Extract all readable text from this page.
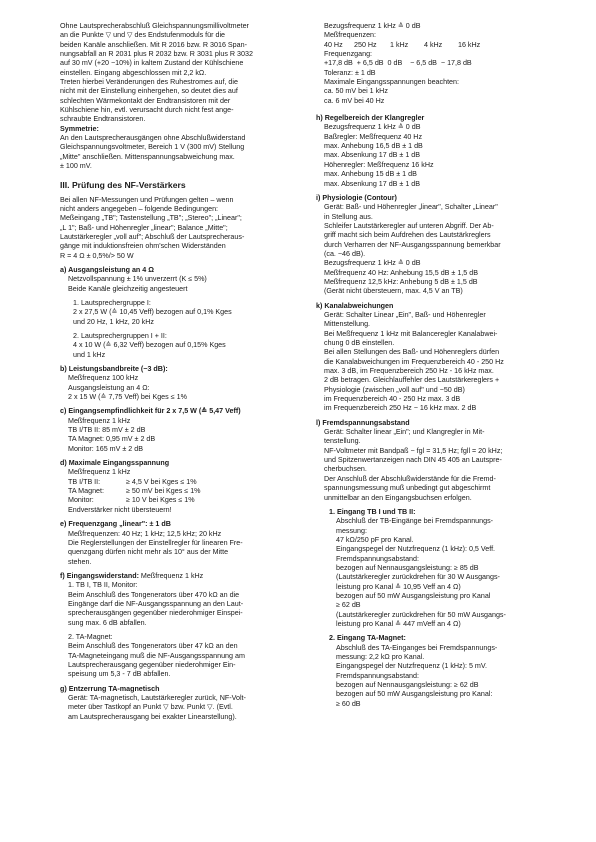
Ohne Lautsprecherabschluß Gleichspannungsmillivoltmeter

an die Punkte ▽ und ▽ des Endstufenmoduls für die

beiden Kanäle anschließen. Mit R 2016 bzw. R 3016 Span-

nungsabfall an R 2031 plus R 2032 bzw. R 3031 plus R 3032

auf 30 mV (+20 −10%) in kaltem Zustand der Kühlschiene

einstellen. Eingang abgeschlossen mit 2,2 kΩ.

Treten hierbei Veränderungen des Ruhestromes auf, die

nicht mit der Einstellung einhergehen, so deutet dies auf

schlechten Wärmekontakt der Endtransistoren mit der

Kühlschiene hin, evtl. verursacht durch nicht fest ange-

schraubte Endtransistoren.

Symmetrie:

An den Lautsprecherausgängen ohne Abschlußwiderstand

Gleichspannungsvoltmeter, Bereich 1 V (300 mV) Stellung

„Mitte" anschließen. Mittenspannungsabweichung max.

± 100 mV.

III. Prüfung des NF-Verstärkers

Bei allen NF-Messungen und Prüfungen gelten – wenn

nicht anders angegeben – folgende Bedingungen:

Meßeingang „TB"; Tastenstellung „TB"; „Stereo"; „Linear";

„L 1"; Baß- und Höhenregler „linear"; Balance „Mitte";

Lautstärkeregler „voll auf"; Abschluß der Lautsprecheraus-

gänge mit induktionsfreien ohm'schen Widerständen

R = 4 Ω ± 0,5%/> 50 W

a) Ausgangsleistung an 4 Ω

Netzvollspannung ± 1% unverzerrt (K ≤ 5%)

Beide Kanäle gleichzeitig angesteuert

1. Lautsprechergruppe I:

2 x 27,5 W (≙ 10,45 Veff) bezogen auf 0,1% Kges

und 20 Hz, 1 kHz, 20 kHz

2. Lautsprechergruppen I + II:

4 x 10 W (≙ 6,32 Veff) bezogen auf 0,15% Kges

und 1 kHz

b) Leistungsbandbreite (−3 dB):

Meßfrequenz 100 kHz

Ausgangsleistung an 4 Ω:

2 x 15 W (≙ 7,75 Veff) bei Kges ≤ 1%

c) Eingangsempfindlichkeit für 2 x 7,5 W (≙ 5,47 Veff)

Meßfrequenz 1 kHz

TB I/TB II: 85 mV ± 2 dB

TA Magnet: 0,95 mV ± 2 dB

Monitor: 165 mV ± 2 dB

d) Maximale Eingangsspannung

Meßfrequenz 1 kHz

TB I/TB II:	≥ 4,5 V bei Kges ≤ 1%
TA Magnet:	≥ 50 mV bei Kges ≤ 1%
Monitor:	≥ 10 V bei Kges ≤ 1%

Endverstärker nicht übersteuern!

e) Frequenzgang „linear": ± 1 dB

Meßfrequenzen: 40 Hz; 1 kHz; 12,5 kHz; 20 kHz

Die Reglerstellungen der Einstellregler für linearen Fre-

quenzgang dürfen nicht mehr als 10° aus der Mitte

stehen.

f) Eingangswiderstand: Meßfrequenz 1 kHz

1. TB I, TB II, Monitor:

Beim Anschluß des Tongenerators über 470 kΩ an die

Eingänge darf die NF-Ausgangsspannung an den Laut-

sprecherausgängen gegenüber niederohmiger Einspei-

sung max. 6 dB abfallen.

2. TA-Magnet:

Beim Anschluß des Tongenerators über 47 kΩ an den

TA-Magneteingang muß die NF-Ausgangsspannung am

Lautsprecherausgang gegenüber niederohmiger Ein-

speisung um 5,3 - 7 dB abfallen.

g) Entzerrung TA-magnetisch

Gerät: TA-magnetisch, Lautstärkeregler zurück, NF-Volt-

meter über Tastkopf an Punkt ▽ bzw. Punkt ▽. (Evtl.

am Lautsprecherausgang bei exakter Linearstellung).

Bezugsfrequenz 1 kHz ≙ 0 dB

Meßfrequenzen:

40 Hz	250 Hz	1 kHz	4 kHz	16 kHz

Frequenzgang:

+17,8 dB  + 6,5 dB  0 dB    − 6,5 dB  − 17,8 dB

Toleranz: ± 1 dB

Maximale Eingangsspannungen beachten:

ca. 50 mV bei 1 kHz

ca. 6 mV bei 40 Hz

h) Regelbereich der Klangregler

Bezugsfrequenz 1 kHz ≙ 0 dB

Baßregler: Meßfrequenz 40 Hz

max. Anhebung 16,5 dB ± 1 dB

max. Absenkung 17 dB ± 1 dB

Höhenregler: Meßfrequenz 16 kHz

max. Anhebung 15 dB ± 1 dB

max. Absenkung 17 dB ± 1 dB

i) Physiologie (Contour)

Gerät: Baß- und Höhenregler „linear", Schalter „Linear"

in Stellung aus.

Schleifer Lautstärkeregler auf unteren Abgriff. Der Ab-

griff macht sich beim Aufdrehen des Lautstärkreglers

durch Verharren der NF-Ausgangsspannung bemerkbar

(ca. −46 dB).

Bezugsfrequenz 1 kHz ≙ 0 dB

Meßfrequenz 40 Hz: Anhebung 15,5 dB ± 1,5 dB

Meßfrequenz 12,5 kHz: Anhebung 5 dB ± 1,5 dB

(Gerät nicht übersteuern, max. 4,5 V an TB)

k) Kanalabweichungen

Gerät: Schalter Linear „Ein", Baß- und Höhenregler

Mittenstellung.

Bei Meßfrequenz 1 kHz mit Balanceregler Kanalabwei-

chung 0 dB einstellen.

Bei allen Stellungen des Baß- und Höhenreglers dürfen

die Kanalabweichungen im Frequenzbereich 40 - 250 Hz

max. 3 dB, im Frequenzbereich 250 Hz - 16 kHz max.

2 dB betragen. Gleichlauffehler des Lautstärkereglers +

Physiologie (zwischen „voll auf" und −50 dB)

im Frequenzbereich 40 - 250 Hz max. 3 dB

im Frequenzbereich 250 Hz − 16 kHz max. 2 dB

l) Fremdspannungsabstand

Gerät: Schalter linear „Ein"; und Klangregler in Mit-

tenstellung.

NF-Voltmeter mit Bandpaß − fgl = 31,5 Hz; fgll = 20 kHz;

und Spitzenwertanzeigen nach DIN 45 405 an Lautspre-

cherbuchsen.

Der Anschluß der Abschlußwiderstände für die Fremd-

spannungsmessung muß unbedingt gut abgeschirmt

unmittelbar an den Eingangsbuchsen erfolgen.

1. Eingang TB I und TB II:

Abschluß der TB-Eingänge bei Fremdspannungs-

messung:

47 kΩ/250 pF pro Kanal.

Eingangspegel der Nutzfrequenz (1 kHz): 0,5 Veff.

Fremdspannungsabstand:

bezogen auf Nennausgangsleistung: ≥ 85 dB

(Lautstärkeregler zurückdrehen für 30 W Ausgangs-

leistung pro Kanal ≙ 10,95 Veff an 4 Ω)

bezogen auf 50 mW Ausgangsleistung pro Kanal

≥ 62 dB

(Lautstärkeregler zurückdrehen für 50 mW Ausgangs-

leistung pro Kanal ≙ 447 mVeff an 4 Ω)

2. Eingang TA-Magnet:

Abschluß des TA-Einganges bei Fremdspannungs-

messung: 2,2 kΩ pro Kanal.

Eingangspegel der Nutzfrequenz (1 kHz): 5 mV.

Fremdspannungsabstand:

bezogen auf Nennausgangsleistung: ≥ 62 dB

bezogen auf 50 mW Ausgangsleistung pro Kanal:

≥ 60 dB
